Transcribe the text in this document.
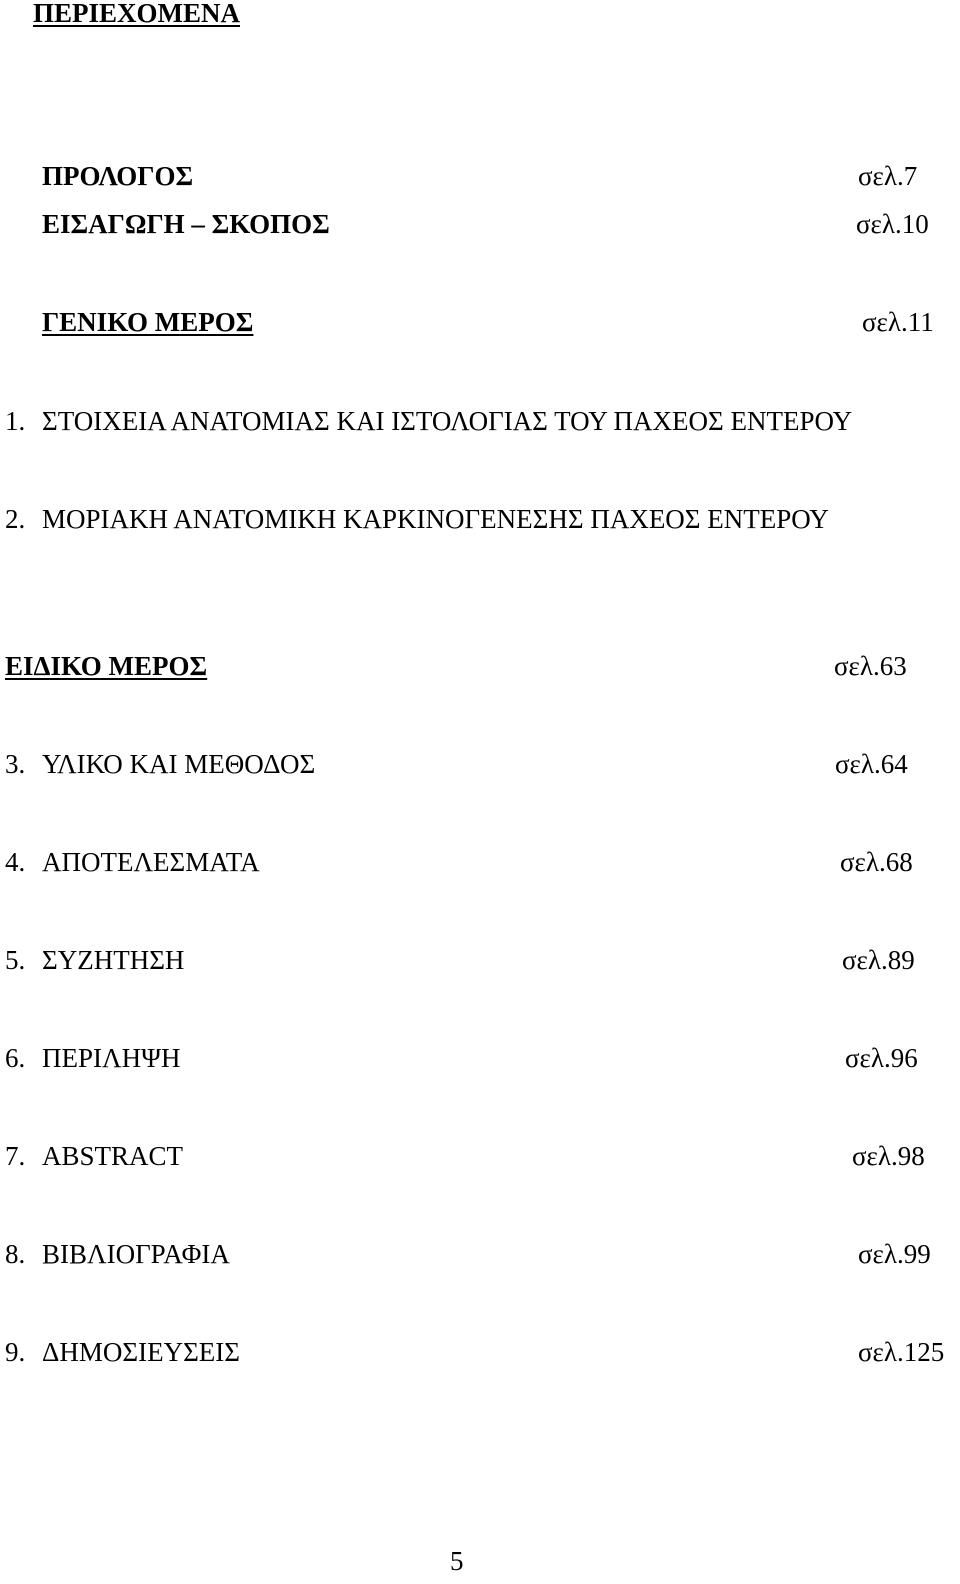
ΠΕΡΙΕΧΟΜΕΝΑ
ΠΡΟΛΟΓΟΣ	σελ.7
ΕΙΣΑΓΩΓΗ – ΣΚΟΠΟΣ	σελ.10
ΓΕΝΙΚΟ ΜΕΡΟΣ	σελ.11
1. ΣΤΟΙΧΕΙΑ ΑΝΑΤΟΜΙΑΣ ΚΑΙ ΙΣΤΟΛΟΓΙΑΣ ΤΟΥ ΠΑΧΕΟΣ ΕΝΤΕΡΟΥ
2. ΜΟΡΙΑΚΗ ΑΝΑΤΟΜΙΚΗ ΚΑΡΚΙΝΟΓΕΝΕΣΗΣ ΠΑΧΕΟΣ ΕΝΤΕΡΟΥ
ΕΙΔΙΚΟ ΜΕΡΟΣ	σελ.63
3. ΥΛΙΚΟ ΚΑΙ ΜΕΘΟΔΟΣ	σελ.64
4. ΑΠΟΤΕΛΕΣΜΑΤΑ	σελ.68
5. ΣΥΖΗΤΗΣΗ	σελ.89
6. ΠΕΡΙΛΗΨΗ	σελ.96
7. ABSTRACT	σελ.98
8. ΒΙΒΛΙΟΓΡΑΦΙΑ	σελ.99
9. ΔΗΜΟΣΙΕΥΣΕΙΣ	σελ.125
5
